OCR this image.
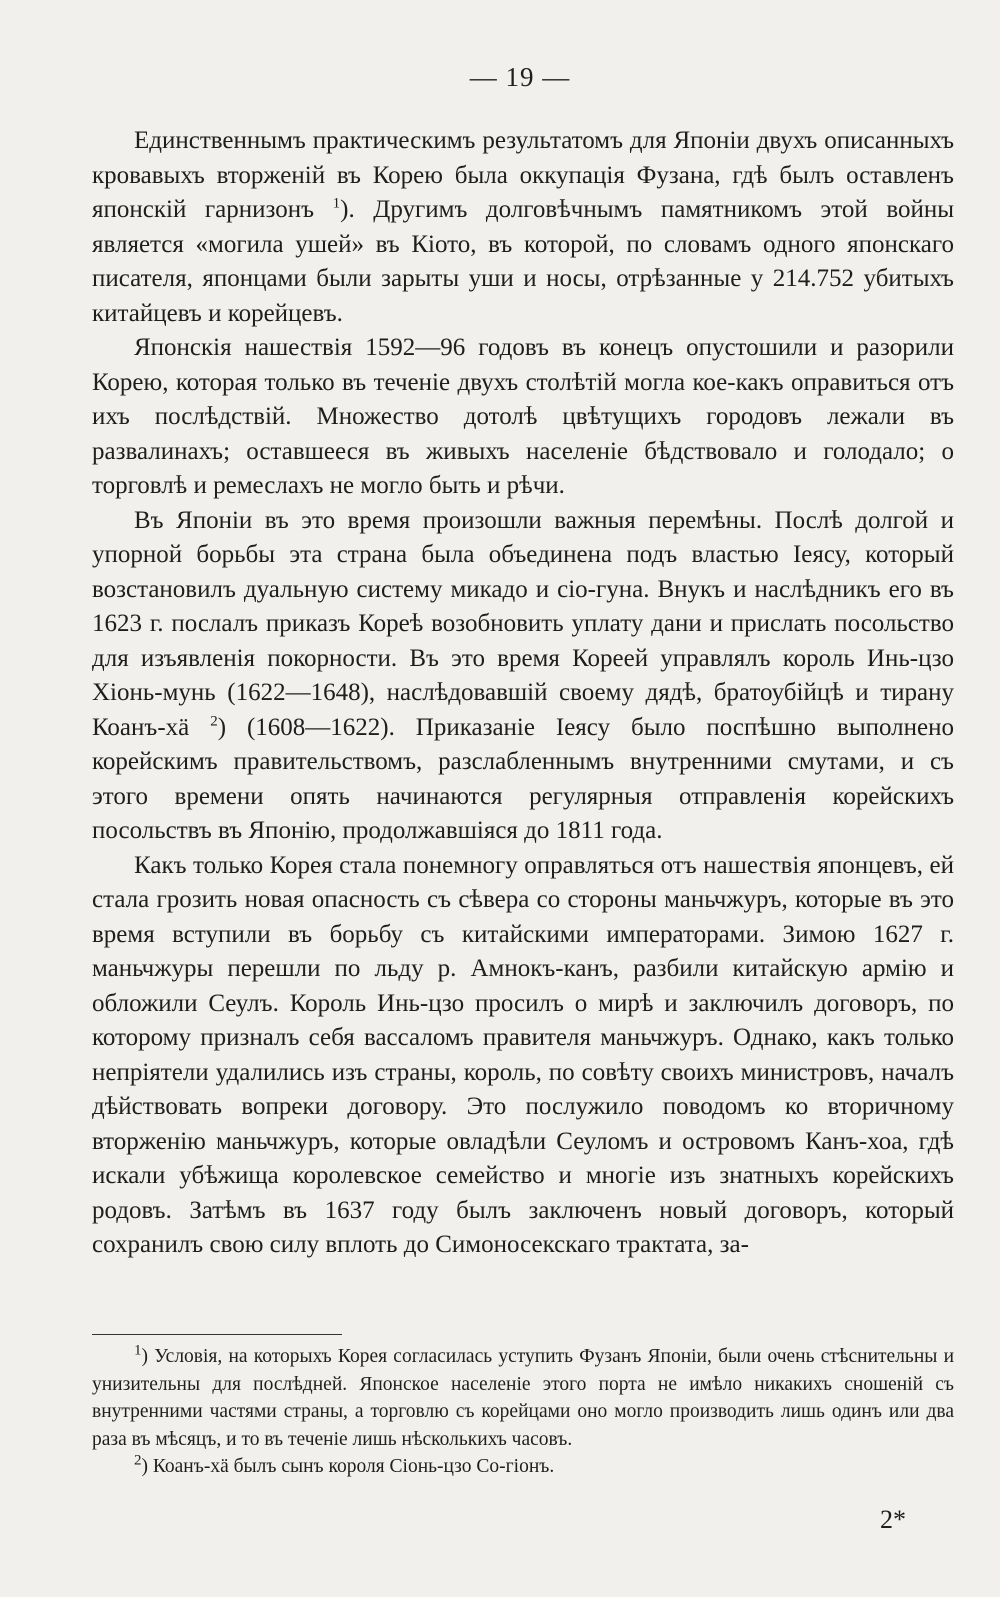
— 19 —

Единственнымъ практическимъ результатомъ для Японіи двухъ описанныхъ кровавыхъ вторженій въ Корею была оккупація Фузана, гдѣ былъ оставленъ японскій гарнизонъ $^1$). Другимъ долговѣчнымъ памятникомъ этой войны является «могила ушей» въ Кіото, въ которой, по словамъ одного японскаго писателя, японцами были зарыты уши и носы, отрѣзанные у 214.752 убитыхъ китайцевъ и корейцевъ.

Японскія нашествія 1592—96 годовъ въ конецъ опустошили и разорили Корею, которая только въ теченіе двухъ столѣтій могла кое-какъ оправиться отъ ихъ послѣдствій. Множество дотолѣ цвѣтущихъ городовъ лежали въ развалинахъ; оставшееся въ живыхъ населеніе бѣдствовало и голодало; о торговлѣ и ремеслахъ не могло быть и рѣчи.

Въ Японіи въ это время произошли важныя перемѣны. Послѣ долгой и упорной борьбы эта страна была объединена подъ властью Іеясу, который возстановилъ дуальную систему микадо и сіо-гуна. Внукъ и наслѣдникъ его въ 1623 г. послалъ приказъ Кореѣ возобновить уплату дани и прислать посольство для изъявленія покорности. Въ это время Кореей управлялъ король Инь-цзо Хіонь-мунь (1622—1648), наслѣдовавшій своему дядѣ, братоубійцѣ и тирану Коанъ-хä $^2$) (1608—1622). Приказаніе Іеясу было поспѣшно выполнено корейскимъ правительствомъ, разслабленнымъ внутренними смутами, и съ этого времени опять начинаются регулярныя отправленія корейскихъ посольствъ въ Японію, продолжавшіяся до 1811 года.

Какъ только Корея стала понемногу оправляться отъ нашествія японцевъ, ей стала грозить новая опасность съ сѣвера со стороны маньчжуръ, которые въ это время вступили въ борьбу съ китайскими императорами. Зимою 1627 г. маньчжуры перешли по льду р. Амнокъ-канъ, разбили китайскую армію и обложили Сеулъ. Король Инь-цзо просилъ о мирѣ и заключилъ договоръ, по которому призналъ себя вассаломъ правителя маньчжуръ. Однако, какъ только непріятели удалились изъ страны, король, по совѣту своихъ министровъ, началъ дѣйствовать вопреки договору. Это послужило поводомъ ко вторичному вторженію маньчжуръ, которые овладѣли Сеуломъ и островомъ Канъ-хоа, гдѣ искали убѣжища королевское семейство и многіе изъ знатныхъ корейскихъ родовъ. Затѣмъ въ 1637 году былъ заключенъ новый договоръ, который сохранилъ свою силу вплоть до Симоносекскаго трактата, за-

$^1$) Условія, на которыхъ Корея согласилась уступить Фузанъ Японіи, были очень стѣснительны и унизительны для послѣдней. Японское населеніе этого порта не имѣло никакихъ сношеній съ внутренними частями страны, а торговлю съ корейцами оно могло производить лишь одинъ или два раза въ мѣсяцъ, и то въ теченіе лишь нѣсколькихъ часовъ.

$^2$) Коанъ-хä былъ сынъ короля Сіонь-цзо Со-гіонъ.

2*
